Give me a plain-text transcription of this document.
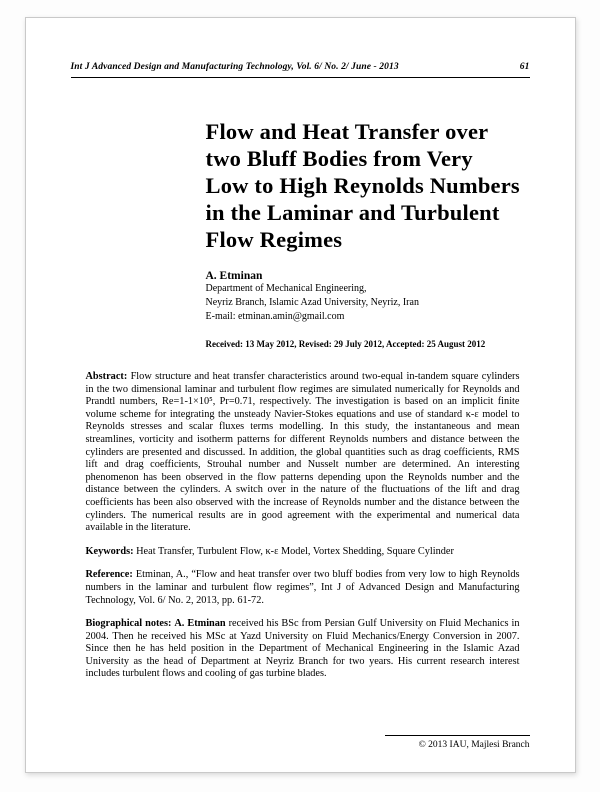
Int J Advanced Design and Manufacturing Technology, Vol. 6/ No. 2/ June - 2013	61
Flow and Heat Transfer over two Bluff Bodies from Very Low to High Reynolds Numbers in the Laminar and Turbulent Flow Regimes
A. Etminan
Department of Mechanical Engineering,
Neyriz Branch, Islamic Azad University, Neyriz, Iran
E-mail: etminan.amin@gmail.com
Received: 13 May 2012, Revised: 29 July 2012, Accepted: 25 August 2012

Abstract: Flow structure and heat transfer characteristics around two-equal in-tandem square cylinders in the two dimensional laminar and turbulent flow regimes are simulated numerically for Reynolds and Prandtl numbers, Re=1-1×10⁵, Pr=0.71, respectively. The investigation is based on an implicit finite volume scheme for integrating the unsteady Navier-Stokes equations and use of standard κ-ε model to Reynolds stresses and scalar fluxes terms modelling. In this study, the instantaneous and mean streamlines, vorticity and isotherm patterns for different Reynolds numbers and distance between the cylinders are presented and discussed. In addition, the global quantities such as drag coefficients, RMS lift and drag coefficients, Strouhal number and Nusselt number are determined. An interesting phenomenon has been observed in the flow patterns depending upon the Reynolds number and the distance between the cylinders. A switch over in the nature of the fluctuations of the lift and drag coefficients has been also observed with the increase of Reynolds number and the distance between the cylinders. The numerical results are in good agreement with the experimental and numerical data available in the literature.

Keywords: Heat Transfer, Turbulent Flow, κ-ε Model, Vortex Shedding, Square Cylinder

Reference: Etminan, A., “Flow and heat transfer over two bluff bodies from very low to high Reynolds numbers in the laminar and turbulent flow regimes”, Int J of Advanced Design and Manufacturing Technology, Vol. 6/ No. 2, 2013, pp. 61-72.

Biographical notes: A. Etminan received his BSc from Persian Gulf University on Fluid Mechanics in 2004. Then he received his MSc at Yazd University on Fluid Mechanics/Energy Conversion in 2007. Since then he has held position in the Department of Mechanical Engineering in the Islamic Azad University as the head of Department at Neyriz Branch for two years. His current research interest includes turbulent flows and cooling of gas turbine blades.

© 2013 IAU, Majlesi Branch
